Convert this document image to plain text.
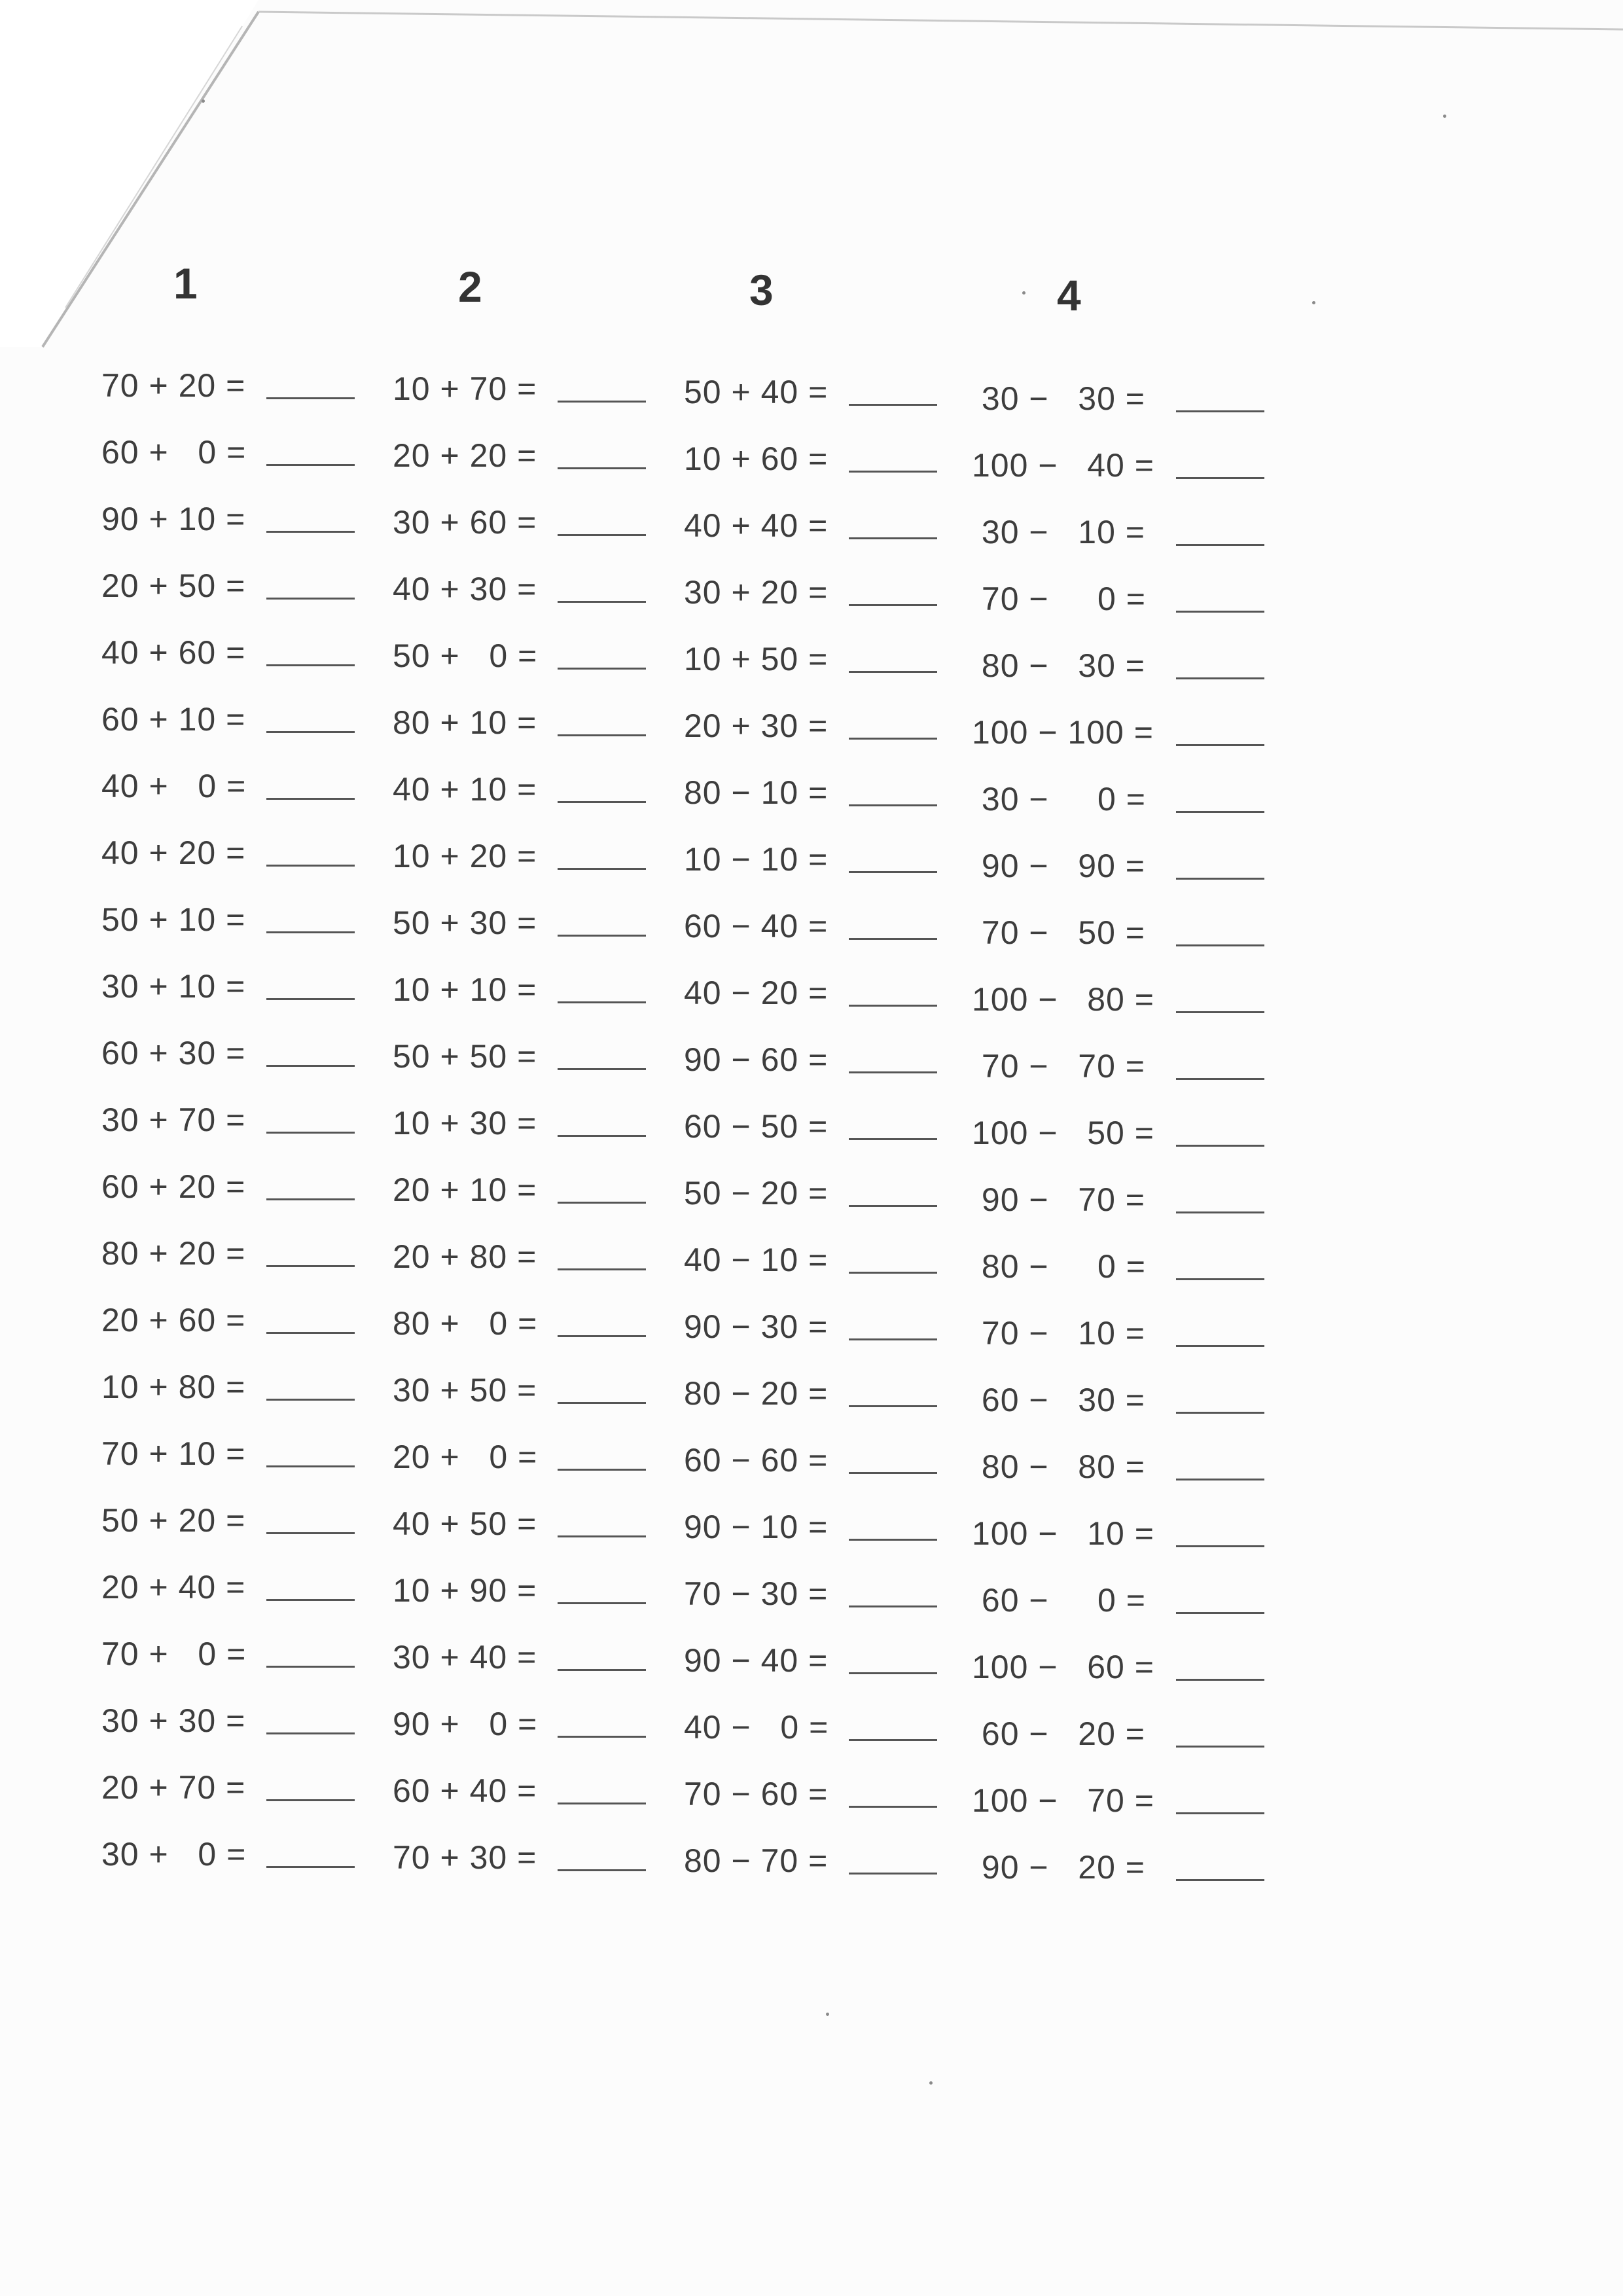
1
70 + 20 =
60 +   0 =
90 + 10 =
20 + 50 =
40 + 60 =
60 + 10 =
40 +   0 =
40 + 20 =
50 + 10 =
30 + 10 =
60 + 30 =
30 + 70 =
60 + 20 =
80 + 20 =
20 + 60 =
10 + 80 =
70 + 10 =
50 + 20 =
20 + 40 =
70 +   0 =
30 + 30 =
20 + 70 =
30 +   0 =
2
10 + 70 =
20 + 20 =
30 + 60 =
40 + 30 =
50 +   0 =
80 + 10 =
40 + 10 =
10 + 20 =
50 + 30 =
10 + 10 =
50 + 50 =
10 + 30 =
20 + 10 =
20 + 80 =
80 +   0 =
30 + 50 =
20 +   0 =
40 + 50 =
10 + 90 =
30 + 40 =
90 +   0 =
60 + 40 =
70 + 30 =
3
50 + 40 =
10 + 60 =
40 + 40 =
30 + 20 =
10 + 50 =
20 + 30 =
80 − 10 =
10 − 10 =
60 − 40 =
40 − 20 =
90 − 60 =
60 − 50 =
50 − 20 =
40 − 10 =
90 − 30 =
80 − 20 =
60 − 60 =
90 − 10 =
70 − 30 =
90 − 40 =
40 −   0 =
70 − 60 =
80 − 70 =
4
30 −   30 =
100 −   40 =
30 −   10 =
70 −     0 =
80 −   30 =
100 − 100 =
30 −     0 =
90 −   90 =
70 −   50 =
100 −   80 =
70 −   70 =
100 −   50 =
90 −   70 =
80 −     0 =
70 −   10 =
60 −   30 =
80 −   80 =
100 −   10 =
60 −     0 =
100 −   60 =
60 −   20 =
100 −   70 =
90 −   20 =
